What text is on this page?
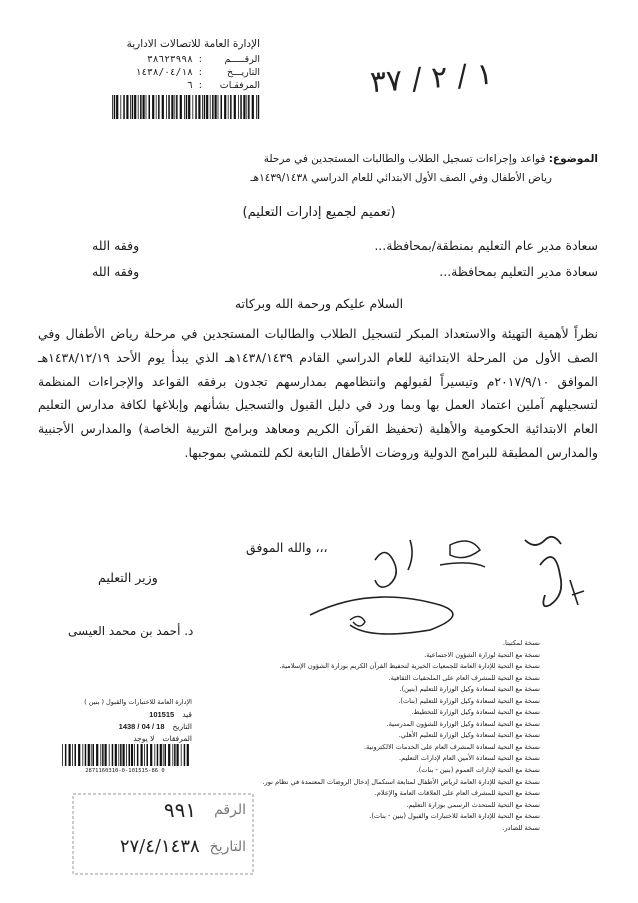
الإدارة العامة للاتصالات الادارية
الرقـــــم
:
٣٨٦٢٣٩٩٨
التاريـــخ
:
١٤٣٨/٠٤/١٨
المرفقـات
:
٦	١ / ٢ / ٣٧
الموضوع: قواعد وإجراءات تسجيل الطلاب والطالبات المستجدين في مرحلة
رياض الأطفال وفي الصف الأول الابتدائي للعام الدراسي ١٤٣٩/١٤٣٨هـ
(تعميم لجميع إدارات التعليم)
سعادة مدير عام التعليم بمنطقة/بمحافظة...
وفقه الله
سعادة مدير التعليم بمحافظة...
وفقه الله
السلام عليكم ورحمة الله وبركاته
نظراً لأهمية التهيئة والاستعداد المبكر لتسجيل الطلاب والطالبات المستجدين في مرحلة رياض الأطفال وفي الصف الأول من المرحلة الابتدائية للعام الدراسي القادم ١٤٣٨/١٤٣٩هـ الذي يبدأ يوم الأحد ١٤٣٨/١٢/١٩هـ الموافق ٢٠١٧/٩/١٠م وتيسيراً لقبولهم وانتظامهم بمدارسهم تجدون برفقه القواعد والإجراءات المنظمة لتسجيلهم آملين اعتماد العمل بها وبما ورد في دليل القبول والتسجيل بشأنهم وإبلاغها لكافة مدارس التعليم العام الابتدائية الحكومية والأهلية (تحفيظ القرآن الكريم ومعاهد وبرامج التربية الخاصة) والمدارس الأجنبية والمدارس المطبقة للبرامج الدولية وروضات الأطفال التابعة لكم للتمشي بموجبها.
والله الموفق ،،،
وزير التعليم
د. أحمد بن محمد العيسى
نسخة لمكتبنا.
نسخة مع التحية لوزارة الشؤون الاجتماعية.
نسخة مع التحية للإدارة العامة للجمعيات الخيرية لتحفيظ القرآن الكريم بوزارة الشؤون الإسلامية.
نسخة مع التحية للمشرف العام على الملحقيات الثقافية.
نسخة مع التحية لسعادة وكيل الوزارة للتعليم (بنين).
نسخة مع التحية لسعادة وكيل الوزارة للتعليم (بنات).
نسخة مع التحية لسعادة وكيل الوزارة للتخطيط.
نسخة مع التحية لسعادة وكيل الوزارة للشؤون المدرسية.
نسخة مع التحية لسعادة وكيل الوزارة للتعليم الأهلي.
نسخة مع التحية لسعادة المشرف العام على الخدمات الالكترونية.
نسخة مع التحية لسعادة الأمين العام لإدارات التعليم.
نسخة مع التحية لإدارات العموم (بنين - بنات).
نسخة مع التحية للإدارة العامة لرياض الأطفال لمتابعة استكمال إدخال الروضات المعتمدة في نظام نور.
نسخة مع التحية للمشرف العام على العلاقات العامة والإعلام.
نسخة مع التحية للمتحدث الرسمي بوزارة التعليم.
نسخة مع التحية للإدارة العامة للاختبارات والقبول (بنين - بنات).
نسخة للصادر.
الإدارة العامة للاختبارات والقبول ( بنين )
قيد
101515
التاريخ
1438 / 04 / 18
المرفقات
لا يوجد
2871160310-0-101515-86 0
الرقم
٩٩١
التاريخ
٢٧/٤/١٤٣٨
